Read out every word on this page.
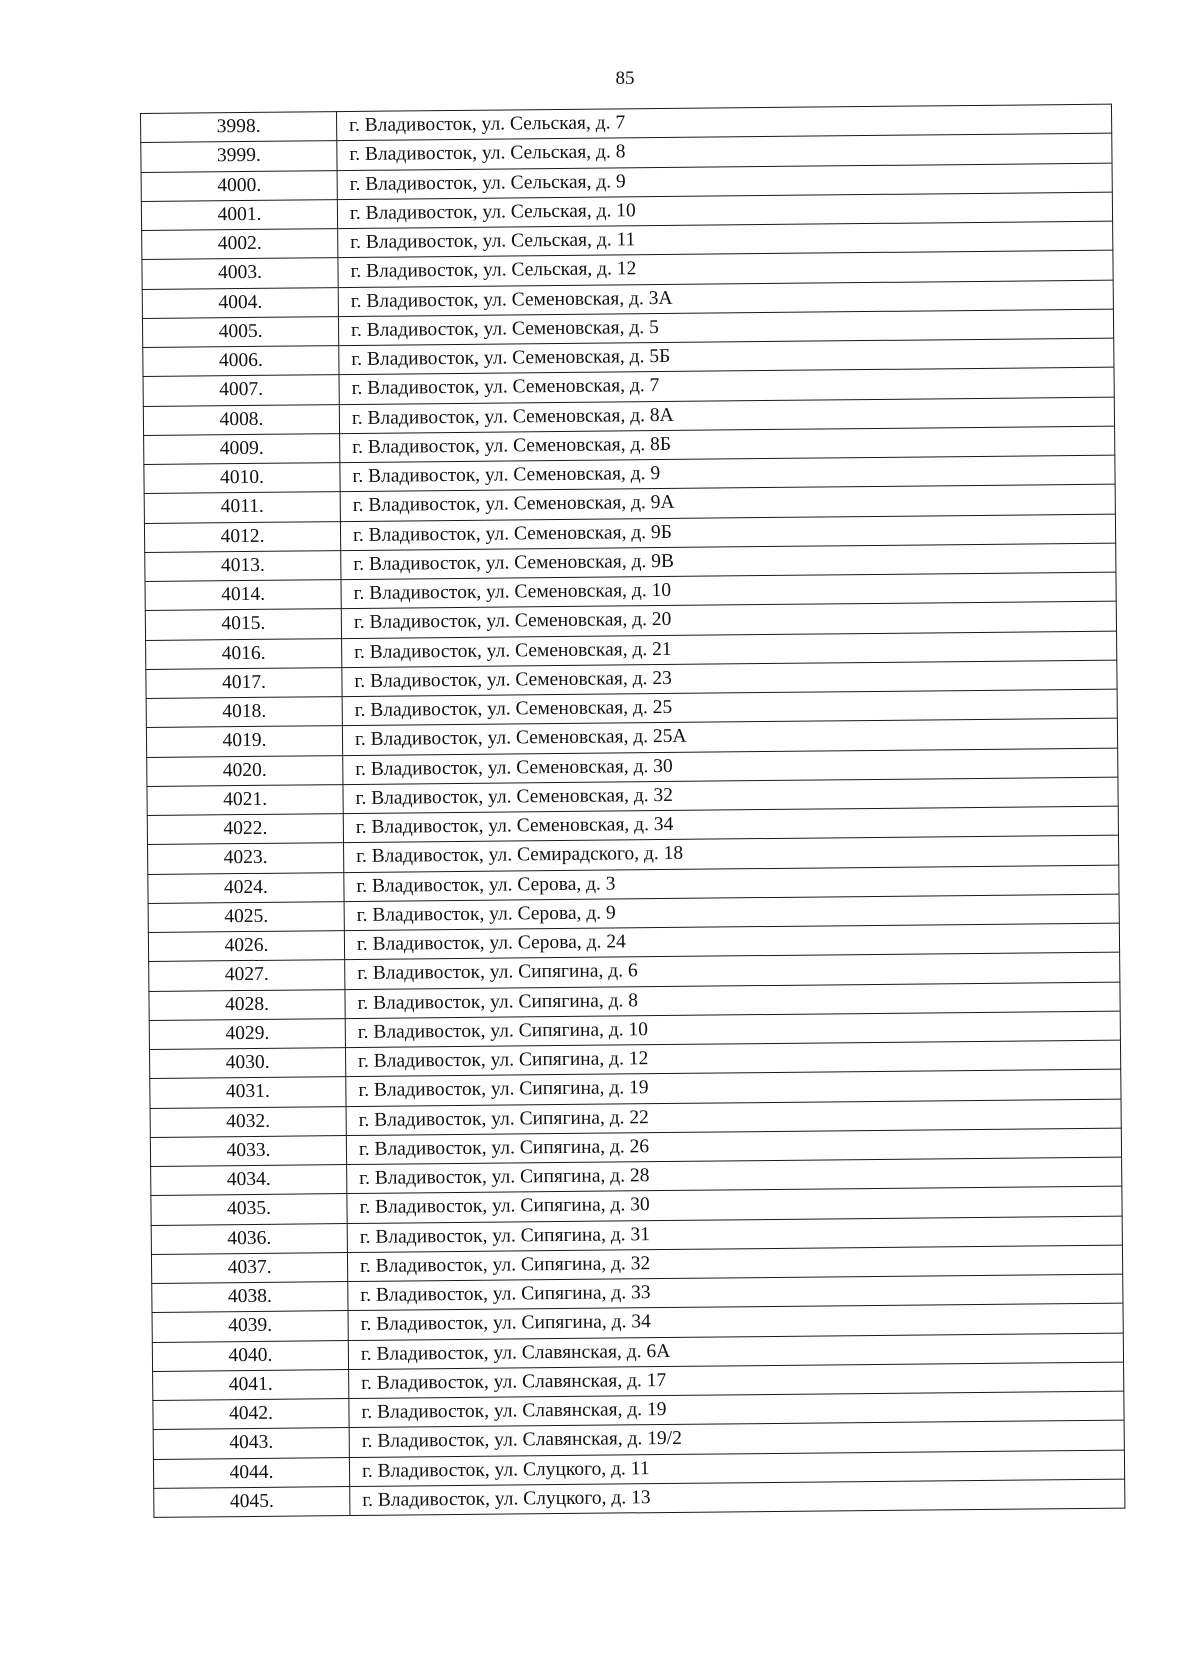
85
3998.	г. Владивосток, ул. Сельская, д. 7
3999.	г. Владивосток, ул. Сельская, д. 8
4000.	г. Владивосток, ул. Сельская, д. 9
4001.	г. Владивосток, ул. Сельская, д. 10
4002.	г. Владивосток, ул. Сельская, д. 11
4003.	г. Владивосток, ул. Сельская, д. 12
4004.	г. Владивосток, ул. Семеновская, д. 3А
4005.	г. Владивосток, ул. Семеновская, д. 5
4006.	г. Владивосток, ул. Семеновская, д. 5Б
4007.	г. Владивосток, ул. Семеновская, д. 7
4008.	г. Владивосток, ул. Семеновская, д. 8А
4009.	г. Владивосток, ул. Семеновская, д. 8Б
4010.	г. Владивосток, ул. Семеновская, д. 9
4011.	г. Владивосток, ул. Семеновская, д. 9А
4012.	г. Владивосток, ул. Семеновская, д. 9Б
4013.	г. Владивосток, ул. Семеновская, д. 9В
4014.	г. Владивосток, ул. Семеновская, д. 10
4015.	г. Владивосток, ул. Семеновская, д. 20
4016.	г. Владивосток, ул. Семеновская, д. 21
4017.	г. Владивосток, ул. Семеновская, д. 23
4018.	г. Владивосток, ул. Семеновская, д. 25
4019.	г. Владивосток, ул. Семеновская, д. 25А
4020.	г. Владивосток, ул. Семеновская, д. 30
4021.	г. Владивосток, ул. Семеновская, д. 32
4022.	г. Владивосток, ул. Семеновская, д. 34
4023.	г. Владивосток, ул. Семирадского, д. 18
4024.	г. Владивосток, ул. Серова, д. 3
4025.	г. Владивосток, ул. Серова, д. 9
4026.	г. Владивосток, ул. Серова, д. 24
4027.	г. Владивосток, ул. Сипягина, д. 6
4028.	г. Владивосток, ул. Сипягина, д. 8
4029.	г. Владивосток, ул. Сипягина, д. 10
4030.	г. Владивосток, ул. Сипягина, д. 12
4031.	г. Владивосток, ул. Сипягина, д. 19
4032.	г. Владивосток, ул. Сипягина, д. 22
4033.	г. Владивосток, ул. Сипягина, д. 26
4034.	г. Владивосток, ул. Сипягина, д. 28
4035.	г. Владивосток, ул. Сипягина, д. 30
4036.	г. Владивосток, ул. Сипягина, д. 31
4037.	г. Владивосток, ул. Сипягина, д. 32
4038.	г. Владивосток, ул. Сипягина, д. 33
4039.	г. Владивосток, ул. Сипягина, д. 34
4040.	г. Владивосток, ул. Славянская, д. 6А
4041.	г. Владивосток, ул. Славянская, д. 17
4042.	г. Владивосток, ул. Славянская, д. 19
4043.	г. Владивосток, ул. Славянская, д. 19/2
4044.	г. Владивосток, ул. Слуцкого, д. 11
4045.	г. Владивосток, ул. Слуцкого, д. 13
